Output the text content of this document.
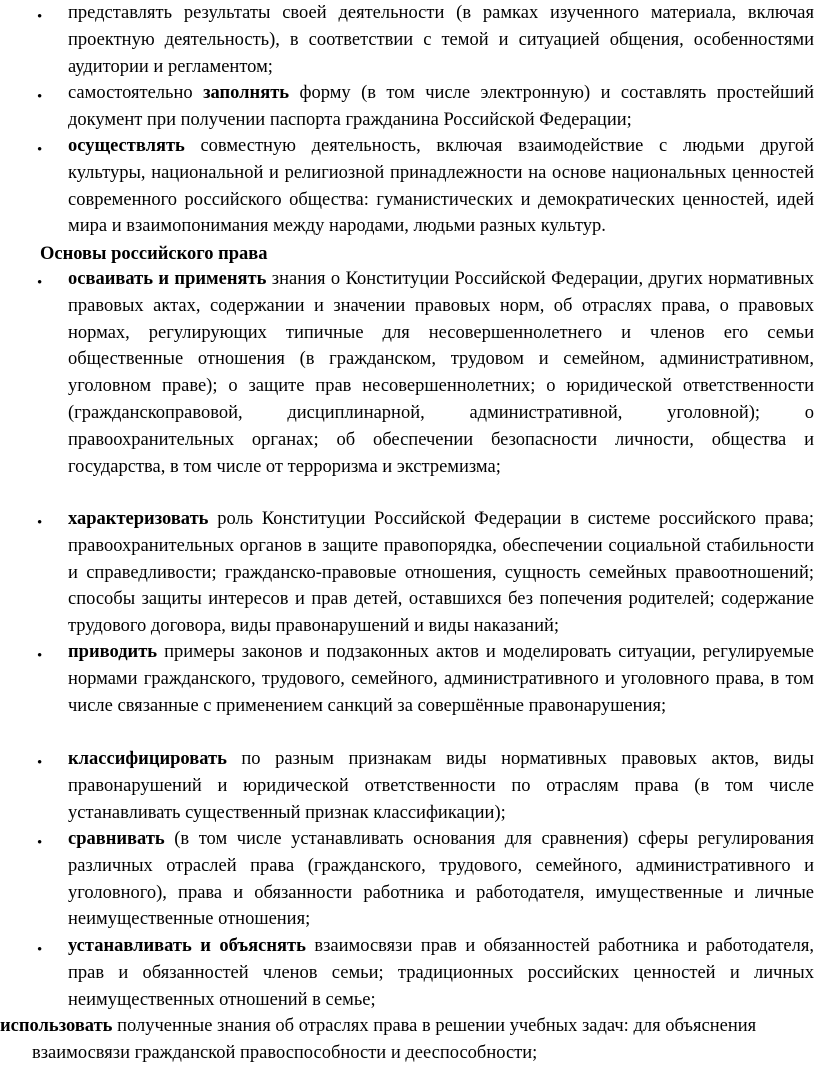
• представлять результаты своей деятельности (в рамках изученного материала, включая проектную деятельность), в соответствии с темой и ситуацией общения, особенностями аудитории и регламентом;
• самостоятельно заполнять форму (в том числе электронную) и составлять простейший документ при получении паспорта гражданина Российской Федерации;
• осуществлять совместную деятельность, включая взаимодействие с людьми другой культуры, национальной и религиозной принадлежности на основе национальных ценностей современного российского общества: гуманистических и демократических ценностей, идей мира и взаимопонимания между народами, людьми разных культур.
Основы российского права
• осваивать и применять знания о Конституции Российской Федерации, других нормативных правовых актах, содержании и значении правовых норм, об отраслях права, о правовых нормах, регулирующих типичные для несовершеннолетнего и членов его семьи общественные отношения (в гражданском, трудовом и семейном, административном, уголовном праве); о защите прав несовершеннолетних; о юридической ответственности (гражданскоправовой, дисциплинарной, административной, уголовной); о правоохранительных органах; об обеспечении безопасности личности, общества и государства, в том числе от терроризма и экстремизма;
• характеризовать роль Конституции Российской Федерации в системе российского права; правоохранительных органов в защите правопорядка, обеспечении социальной стабильности и справедливости; гражданско-правовые отношения, сущность семейных правоотношений; способы защиты интересов и прав детей, оставшихся без попечения родителей; содержание трудового договора, виды правонарушений и виды наказаний;
• приводить примеры законов и подзаконных актов и моделировать ситуации, регулируемые нормами гражданского, трудового, семейного, административного и уголовного права, в том числе связанные с применением санкций за совершённые правонарушения;
• классифицировать по разным признакам виды нормативных правовых актов, виды правонарушений и юридической ответственности по отраслям права (в том числе устанавливать существенный признак классификации);
• сравнивать (в том числе устанавливать основания для сравнения) сферы регулирования различных отраслей права (гражданского, трудового, семейного, административного и уголовного), права и обязанности работника и работодателя, имущественные и личные неимущественные отношения;
• устанавливать и объяснять взаимосвязи прав и обязанностей работника и работодателя, прав и обязанностей членов семьи; традиционных российских ценностей и личных неимущественных отношений в семье;
использовать полученные знания об отраслях права в решении учебных задач: для объяснения
взаимосвязи гражданской правоспособности и дееспособности;
